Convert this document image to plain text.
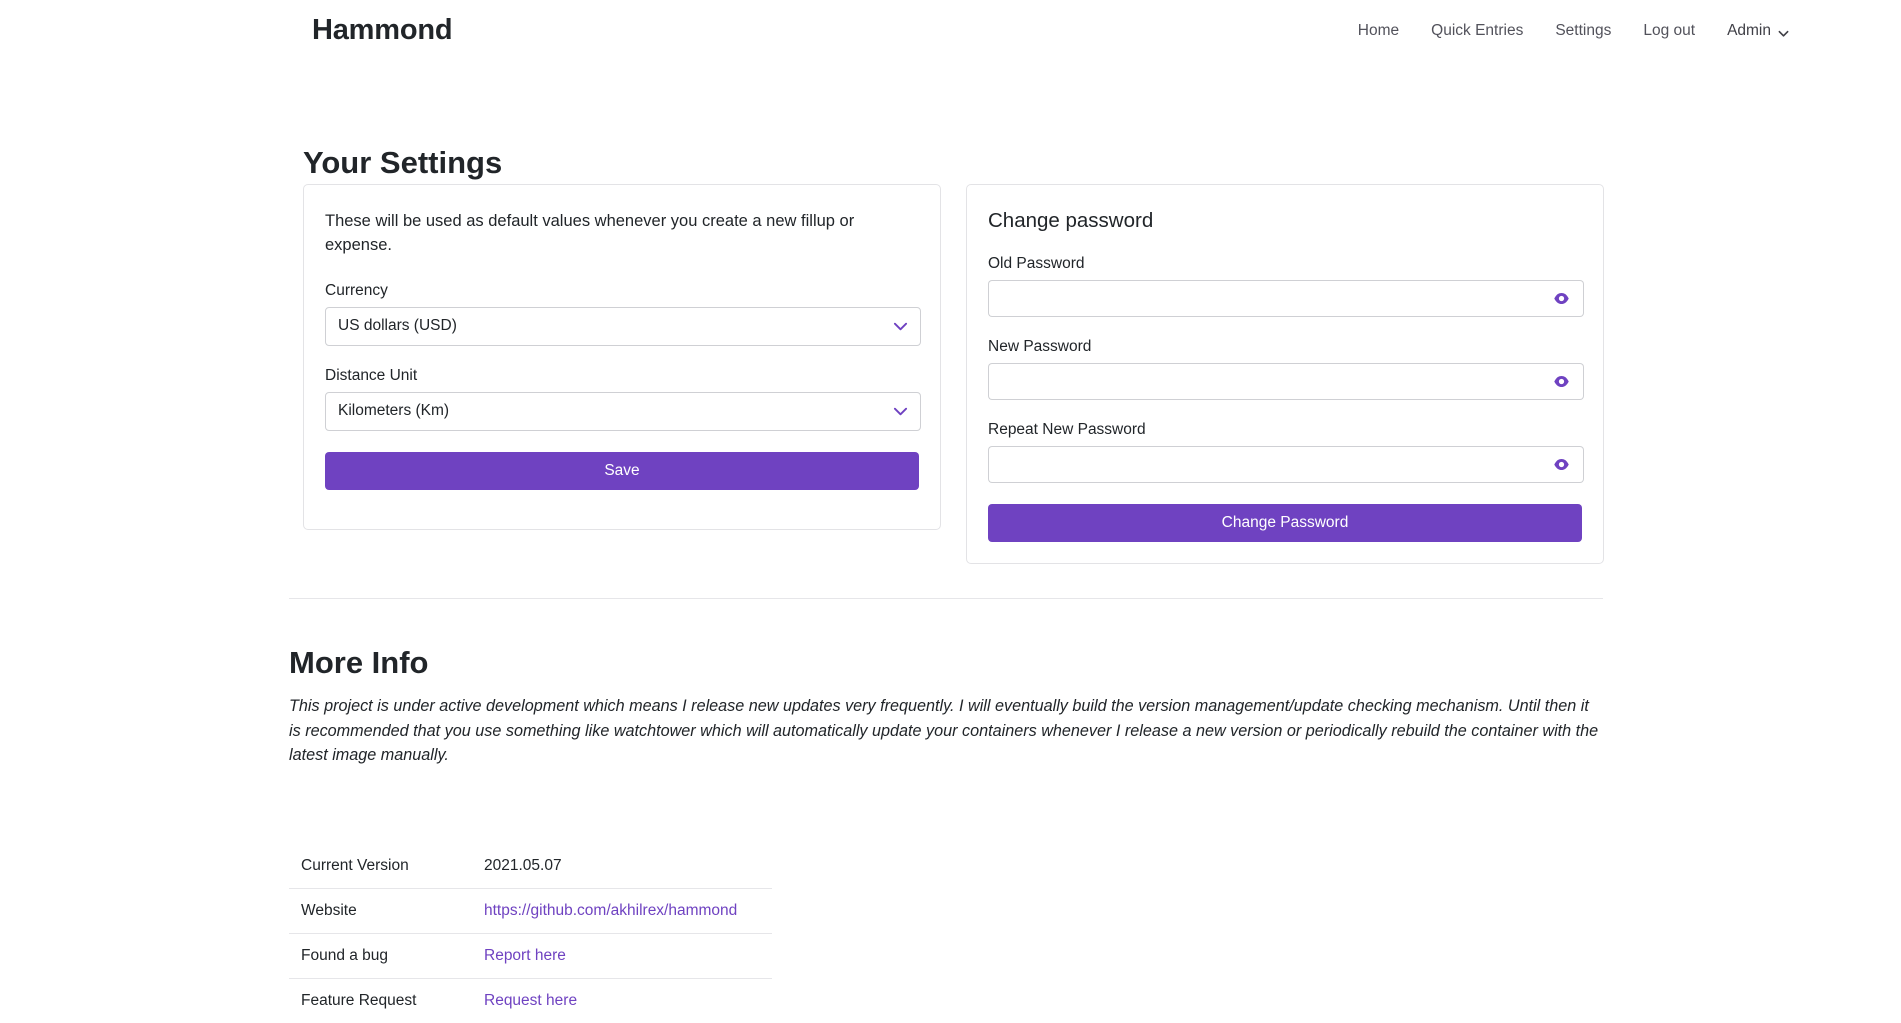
Hammond	Home	Quick Entries	Settings	Log out	Admin
Your Settings

These will be used as default values whenever you create a new fillup or expense.

Currency
US dollars (USD)
Distance Unit
Kilometers (Km)
Save
Change password
Old Password
New Password
Repeat New Password
Change Password
More Info

This project is under active development which means I release new updates very frequently. I will eventually build the version management/update checking mechanism. Until then it is recommended that you use something like watchtower which will automatically update your containers whenever I release a new version or periodically rebuild the container with the latest image manually.

Current Version	2021.05.07
Website	https://github.com/akhilrex/hammond
Found a bug	Report here
Feature Request	Request here
